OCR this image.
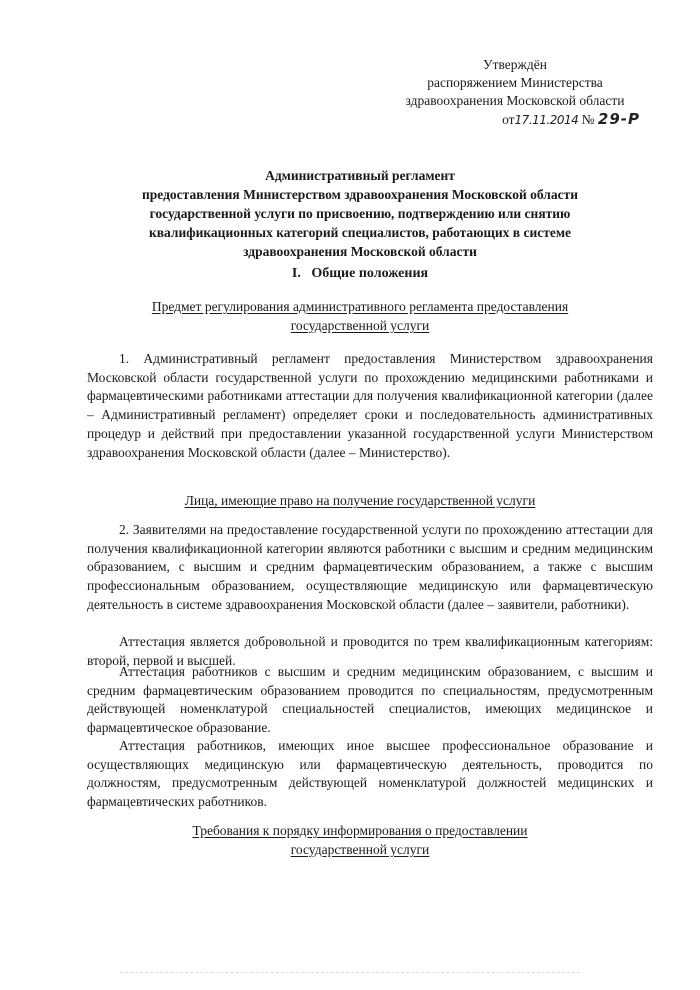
Утверждён
распоряжением Министерства
здравоохранения Московской области
от17.11.2014 № 29-Р
Административный регламент
предоставления Министерством здравоохранения Московской области
государственной услуги по присвоению, подтверждению или снятию
квалификационных категорий специалистов, работающих в системе
здравоохранения Московской области
I.   Общие положения
Предмет регулирования административного регламента предоставления
государственной услуги

1. Административный регламент предоставления Министерством здравоохранения Московской области государственной услуги по прохождению медицинскими работниками и фармацевтическими работниками аттестации для получения квалификационной категории (далее – Административный регламент) определяет сроки и последовательность административных процедур и действий при предоставлении указанной государственной услуги Министерством здравоохранения Московской области (далее – Министерство).

Лица, имеющие право на получение государственной услуги

2. Заявителями на предоставление государственной услуги по прохождению аттестации для получения квалификационной категории являются работники с высшим и средним медицинским образованием, с высшим и средним фармацевтическим образованием, а также с высшим профессиональным образованием, осуществляющие медицинскую или фармацевтическую деятельность в системе здравоохранения Московской области (далее – заявители, работники).

Аттестация является добровольной и проводится по трем квалификационным категориям: второй, первой и высшей.

Аттестация работников с высшим и средним медицинским образованием, с высшим и средним фармацевтическим образованием проводится по специальностям, предусмотренным действующей номенклатурой специальностей специалистов, имеющих медицинское и фармацевтическое образование.

Аттестация работников, имеющих иное высшее профессиональное образование и осуществляющих медицинскую или фармацевтическую деятельность, проводится по должностям, предусмотренным действующей номенклатурой должностей медицинских и фармацевтических работников.

Требования к порядку информирования о предоставлении
государственной услуги
